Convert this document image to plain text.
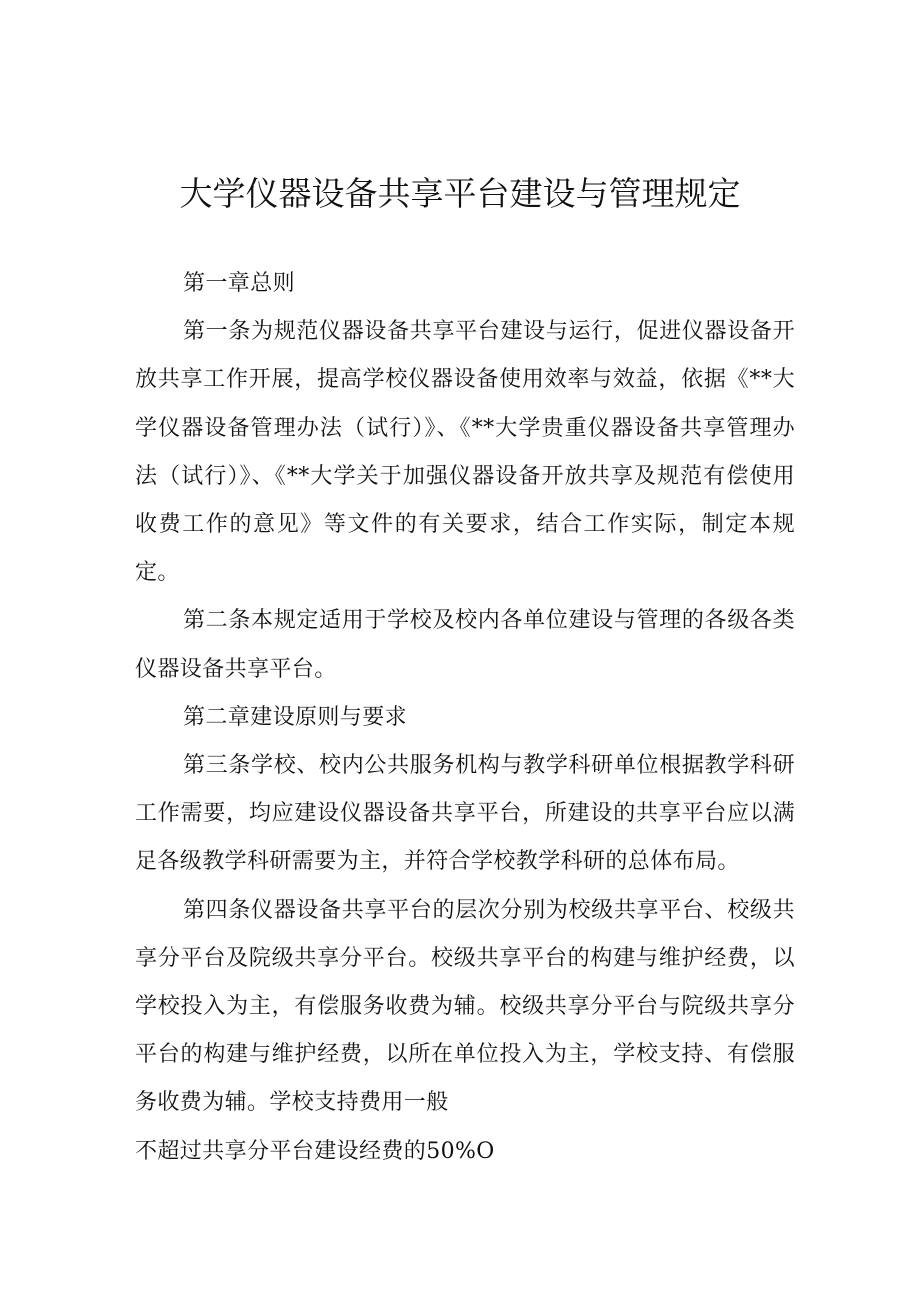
大学仪器设备共享平台建设与管理规定

第一章总则

第一条为规范仪器设备共享平台建设与运行，促进仪器设备开放共享工作开展，提高学校仪器设备使用效率与效益，依据《**大学仪器设备管理办法（试行）》、《**大学贵重仪器设备共享管理办法（试行）》、《**大学关于加强仪器设备开放共享及规范有偿使用收费工作的意见》等文件的有关要求，结合工作实际，制定本规定。

第二条本规定适用于学校及校内各单位建设与管理的各级各类仪器设备共享平台。

第二章建设原则与要求

第三条学校、校内公共服务机构与教学科研单位根据教学科研工作需要，均应建设仪器设备共享平台，所建设的共享平台应以满足各级教学科研需要为主，并符合学校教学科研的总体布局。

第四条仪器设备共享平台的层次分别为校级共享平台、校级共享分平台及院级共享分平台。校级共享平台的构建与维护经费，以学校投入为主，有偿服务收费为辅。校级共享分平台与院级共享分平台的构建与维护经费，以所在单位投入为主，学校支持、有偿服务收费为辅。学校支持费用一般

不超过共享分平台建设经费的50%O
